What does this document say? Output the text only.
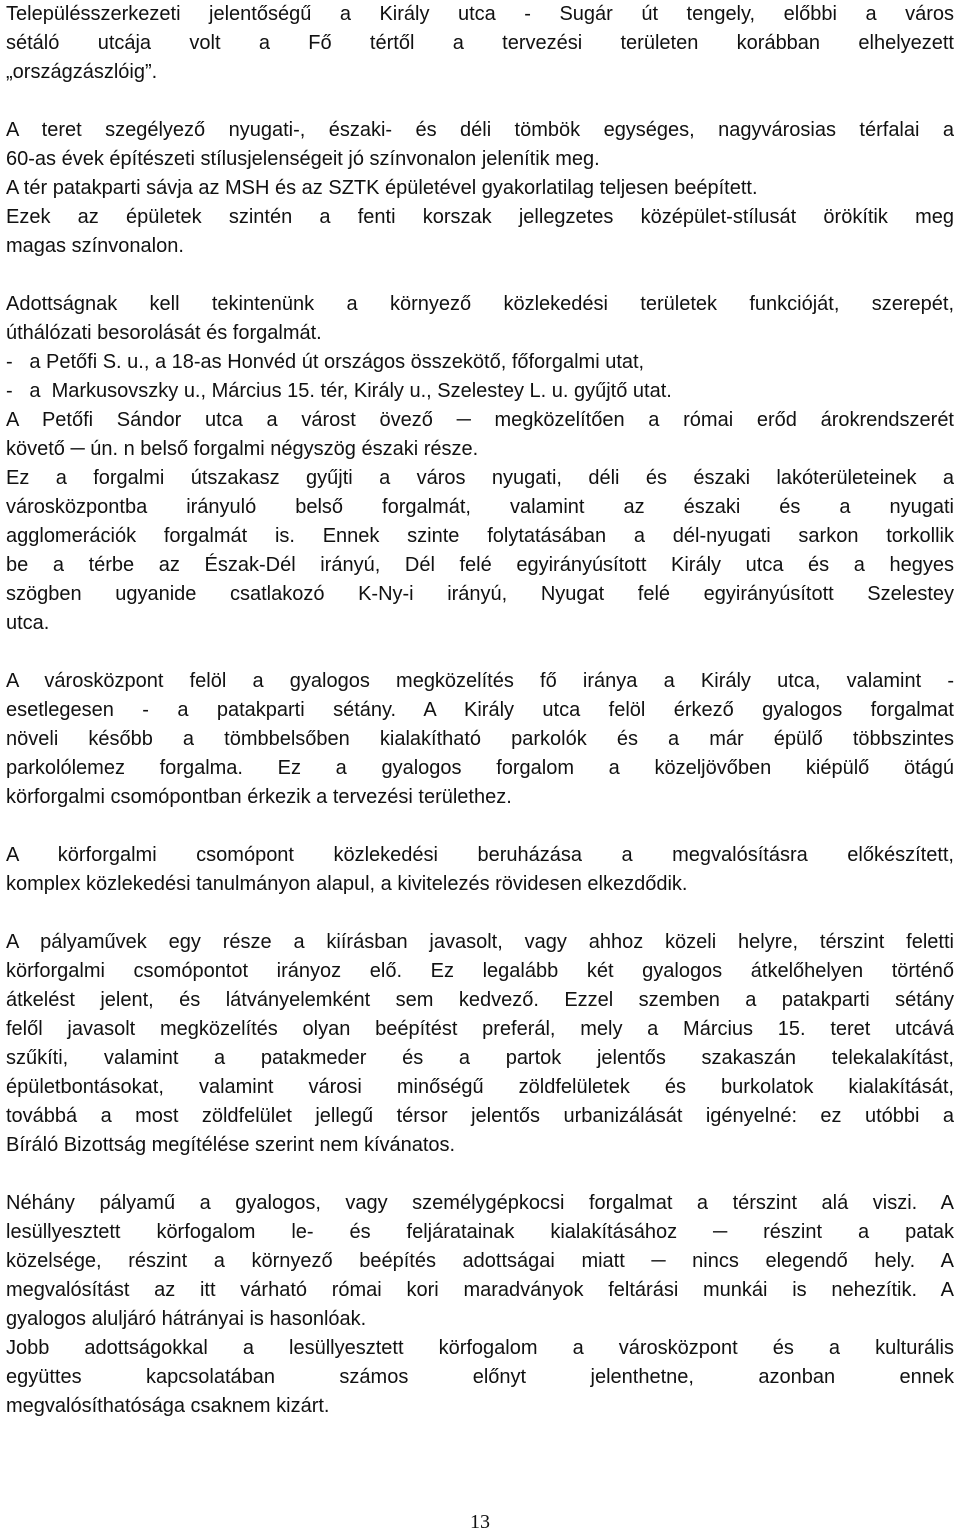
Településszerkezeti jelentőségű a Király utca - Sugár út tengely, előbbi a város
sétáló utcája volt a Fő tértől a tervezési területen korábban elhelyezett
„országzászlóig”.
A teret szegélyező nyugati-, északi- és déli tömbök egységes, nagyvárosias térfalai a
60-as évek építészeti stílusjelenségeit jó színvonalon jelenítik meg.
A tér patakparti sávja az MSH és az SZTK épületével gyakorlatilag teljesen beépített.
Ezek az épületek szintén a fenti korszak jellegzetes középület-stílusát örökítik meg
magas színvonalon.
Adottságnak kell tekintenünk a környező közlekedési területek funkcióját, szerepét,
úthálózati besorolását és forgalmát.
-   a Petőfi S. u., a 18-as Honvéd út országos összekötő, főforgalmi utat,
-   a  Markusovszky u., Március 15. tér, Király u., Szelestey L. u. gyűjtő utat.
A Petőfi Sándor utca a várost övező ─ megközelítően a római erőd árokrendszerét
követő ─ ún. n belső forgalmi négyszög északi része.
Ez a forgalmi útszakasz gyűjti a város nyugati, déli és északi lakóterületeinek a
városközpontba irányuló belső forgalmát, valamint az északi és a nyugati
agglomerációk forgalmát is. Ennek szinte folytatásában a dél-nyugati sarkon torkollik
be a térbe az Észak-Dél irányú, Dél felé egyirányúsított Király utca és a hegyes
szögben ugyanide csatlakozó K-Ny-i irányú, Nyugat felé egyirányúsított Szelestey
utca.
A városközpont felöl a gyalogos megközelítés fő iránya a Király utca, valamint -
esetlegesen - a patakparti sétány. A Király utca felöl érkező gyalogos forgalmat
növeli később a tömbbelsőben kialakítható parkolók és a már épülő többszintes
parkolólemez forgalma. Ez a gyalogos forgalom a közeljövőben kiépülő ötágú
körforgalmi csomópontban érkezik a tervezési területhez.
A körforgalmi csomópont közlekedési beruházása a megvalósításra előkészített,
komplex közlekedési tanulmányon alapul, a kivitelezés rövidesen elkezdődik.
A pályaművek egy része a kiírásban javasolt, vagy ahhoz közeli helyre, térszint feletti
körforgalmi csomópontot irányoz elő. Ez legalább két gyalogos átkelőhelyen történő
átkelést jelent, és látványelemként sem kedvező. Ezzel szemben a patakparti sétány
felől javasolt megközelítés olyan beépítést preferál, mely a Március 15. teret utcává
szűkíti, valamint a patakmeder és a partok jelentős szakaszán telekalakítást,
épületbontásokat, valamint városi minőségű zöldfelületek és burkolatok kialakítását,
továbbá a most zöldfelület jellegű térsor jelentős urbanizálását igényelné: ez utóbbi a
Bíráló Bizottság megítélése szerint nem kívánatos.
Néhány pályamű a gyalogos, vagy személygépkocsi forgalmat a térszint alá viszi. A
lesüllyesztett körfogalom le- és feljáratainak kialakításához ─ részint a patak
közelsége, részint a környező beépítés adottságai miatt ─ nincs elegendő hely. A
megvalósítást az itt várható római kori maradványok feltárási munkái is nehezítik. A
gyalogos aluljáró hátrányai is hasonlóak.
Jobb adottságokkal a lesüllyesztett körfogalom a városközpont és a kulturális
együttes kapcsolatában számos előnyt jelenthetne, azonban ennek
megvalósíthatósága csaknem kizárt.
13
